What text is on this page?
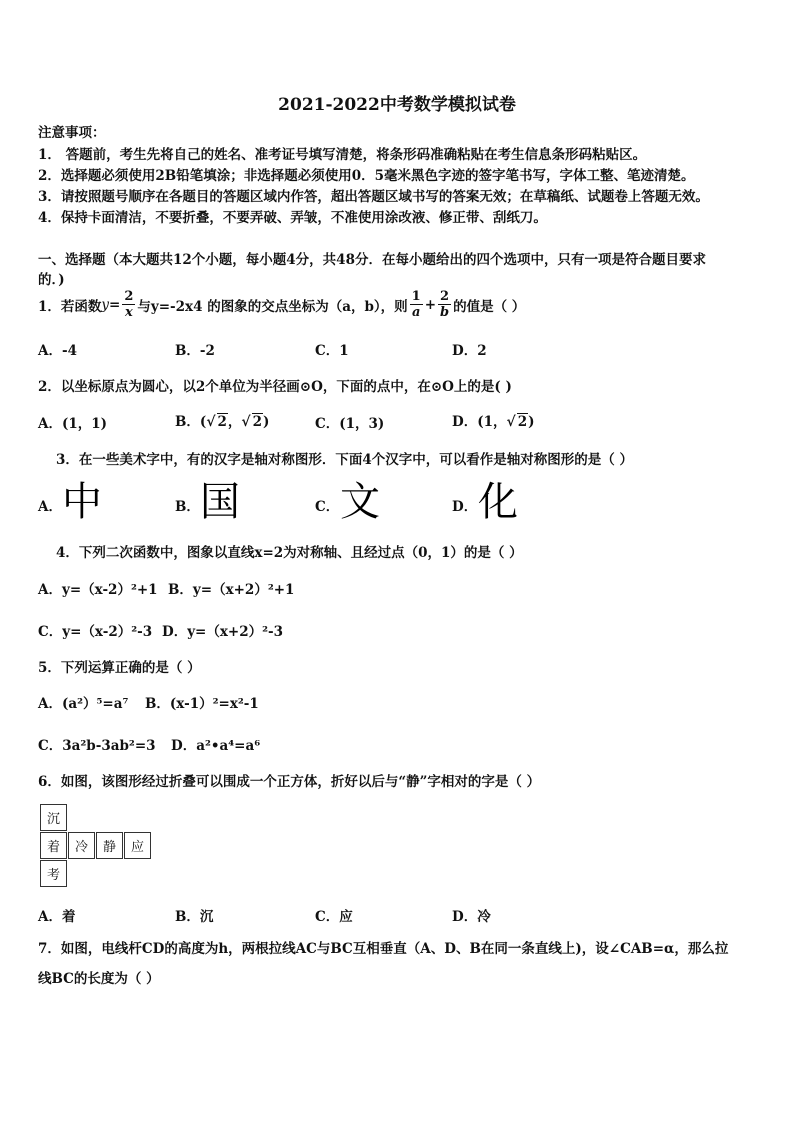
2021-2022中考数学模拟试卷
注意事项：
1． 答题前，考生先将自己的姓名、准考证号填写清楚，将条形码准确粘贴在考生信息条形码粘贴区。
2．选择题必须使用2B铅笔填涂；非选择题必须使用0．5毫米黑色字迹的签字笔书写，字体工整、笔迹清楚。
3．请按照题号顺序在各题目的答题区域内作答，超出答题区域书写的答案无效；在草稿纸、试题卷上答题无效。
4．保持卡面清洁，不要折叠，不要弄破、弄皱，不准使用涂改液、修正带、刮纸刀。
一、选择题（本大题共12个小题，每小题4分，共48分．在每小题给出的四个选项中，只有一项是符合题目要求
的．)
1．若函数 $y = \frac{2}{x}$ 与y=-2x4 的图象的交点坐标为（a，b），则 $\frac{1}{a} + \frac{2}{b}$ 的值是（ ）
A．-4	B．-2	C．1	D．2
2．以坐标原点为圆心，以2个单位为半径画⊙O，下面的点中，在⊙O上的是( )
A．(1，1)	B．(√ 2，√ 2)	C．(1，3)	D．(1，√ 2)
3．在一些美术字中，有的汉字是轴对称图形．下面4个汉字中，可以看作是轴对称图形的是（ ）
A． 中	B． 国	C． 文	D． 化
4．下列二次函数中，图象以直线x=2为对称轴、且经过点（0，1）的是（ ）
A．y=（x-2）²+1 B．y=（x+2）²+1
C．y=（x-2）²-3 D．y=（x+2）²-3
5．下列运算正确的是（ ）
A．(a²）⁵=a⁷ B．(x-1）²=x²-1
C．3a²b-3ab²=3 D．a²•a⁴=a⁶
6．如图，该图形经过折叠可以围成一个正方体，折好以后与“静”字相对的字是（ ）
沉
着	冷	静	应
考
A．着	B．沉	C．应	D．冷
7．如图，电线杆CD的高度为h，两根拉线AC与BC互相垂直（A、D、B在同一条直线上)，设∠CAB=α，那么拉
线BC的长度为（ ）
